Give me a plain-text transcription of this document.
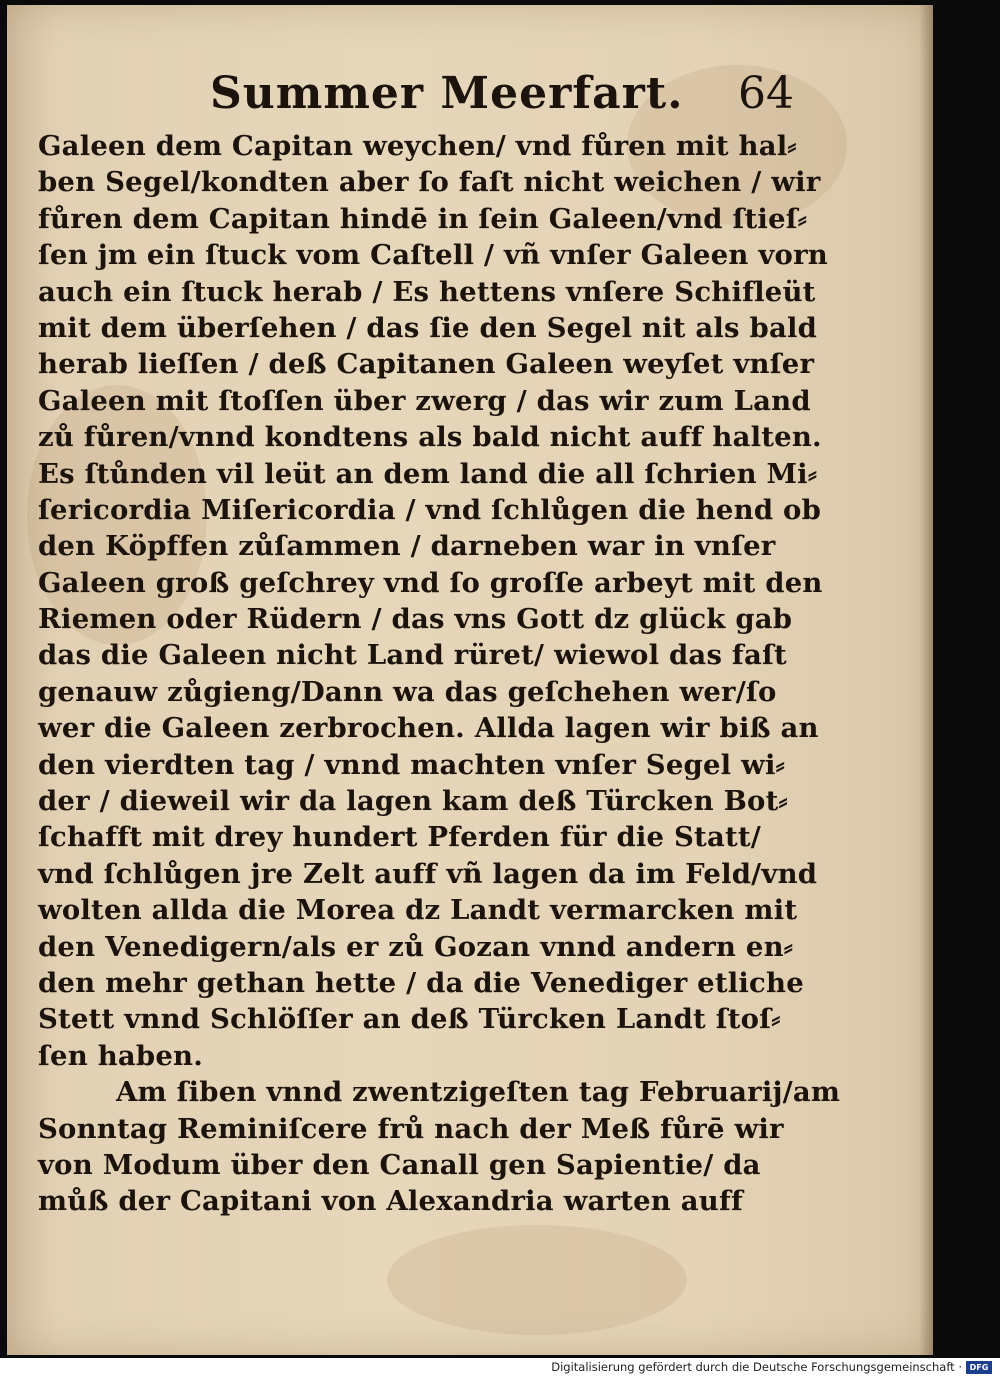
Summer Meerfart. 64
Galeen dem Capitan weychen/ vnd fůren mit hal⸗
ben Segel/kondten aber ſo faſt nicht weichen / wir
fůren dem Capitan hindē in ſein Galeen/vnd ſtieſ⸗
ſen jm ein ſtuck vom Caſtell / vñ vnſer Galeen vorn
auch ein ſtuck herab / Es hettens vnſere Schifleüt
mit dem überſehen / das ſie den Segel nit als bald
herab lieſſen / deß Capitanen Galeen weyſet vnſer
Galeen mit ſtoſſen über zwerg / das wir zum Land
zů fůren/vnnd kondtens als bald nicht auff halten.
Es ſtůnden vil leüt an dem land die all ſchrien Mi⸗
ſericordia Miſericordia / vnd ſchlůgen die hend ob
den Köpffen zůſammen / darneben war in vnſer
Galeen groß geſchrey vnd ſo groſſe arbeyt mit den
Riemen oder Rüdern / das vns Gott dz glück gab
das die Galeen nicht Land rüret/ wiewol das faſt
genauw zůgieng/Dann wa das geſchehen wer/ſo
wer die Galeen zerbrochen. Allda lagen wir biß an
den vierdten tag / vnnd machten vnſer Segel wi⸗
der / dieweil wir da lagen kam deß Türcken Bot⸗
ſchafft mit drey hundert Pferden für die Statt/
vnd ſchlůgen jre Zelt auff vñ lagen da im Feld/vnd
wolten allda die Morea dz Landt vermarcken mit
den Venedigern/als er zů Gozan vnnd andern en⸗
den mehr gethan hette / da die Venediger etliche
Stett vnnd Schlöſſer an deß Türcken Landt ſtoſ⸗
ſen haben.
Am ſiben vnnd zwentzigeſten tag Februarij/am
Sonntag Reminiſcere frů nach der Meß fůrē wir
von Modum über den Canall gen Sapientie/ da
můß der Capitani von Alexandria warten auff
Digitalisierung gefördert durch die Deutsche Forschungsgemeinschaft · DFG
